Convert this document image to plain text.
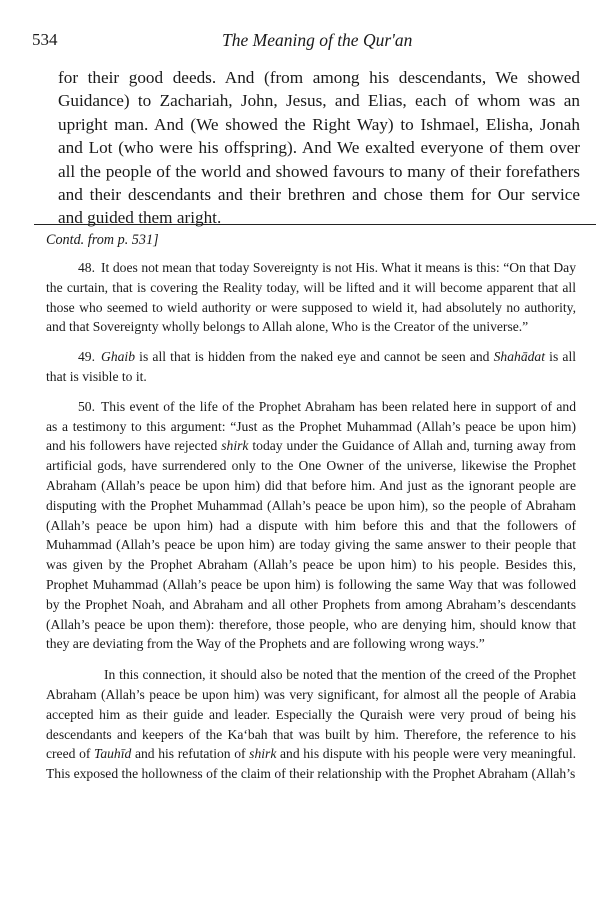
534	The Meaning of the Qur'an
for their good deeds. And (from among his descendants, We showed Guidance) to Zachariah, John, Jesus, and Elias, each of whom was an upright man. And (We showed the Right Way) to Ishmael, Elisha, Jonah and Lot (who were his offspring). And We exalted everyone of them over all the people of the world and showed favours to many of their forefathers and their descendants and their brethren and chose them for Our service and guided them aright.
Contd. from p. 531]

48. It does not mean that today Sovereignty is not His. What it means is this: “On that Day the curtain, that is covering the Reality today, will be lifted and it will become apparent that all those who seemed to wield authority or were supposed to wield it, had absolutely no authority, and that Sovereignty wholly belongs to Allah alone, Who is the Creator of the universe.”

49. Ghaib is all that is hidden from the naked eye and cannot be seen and Shahādat is all that is visible to it.

50. This event of the life of the Prophet Abraham has been related here in support of and as a testimony to this argument: “Just as the Prophet Muhammad (Allah’s peace be upon him) and his followers have rejected shirk today under the Guidance of Allah and, turning away from artificial gods, have surrendered only to the One Owner of the universe, likewise the Prophet Abraham (Allah’s peace be upon him) did that before him. And just as the ignorant people are disputing with the Prophet Muhammad (Allah’s peace be upon him), so the people of Abraham (Allah’s peace be upon him) had a dispute with him before this and that the followers of Muhammad (Allah’s peace be upon him) are today giving the same answer to their people that was given by the Prophet Abraham (Allah’s peace be upon him) to his people. Besides this, Prophet Muhammad (Allah’s peace be upon him) is following the same Way that was followed by the Prophet Noah, and Abraham and all other Prophets from among Abraham’s descendants (Allah’s peace be upon them): therefore, those people, who are denying him, should know that they are deviating from the Way of the Prophets and are following wrong ways.”

In this connection, it should also be noted that the mention of the creed of the Prophet Abraham (Allah’s peace be upon him) was very significant, for almost all the people of Arabia accepted him as their guide and leader. Especially the Quraish were very proud of being his descendants and keepers of the Ka‘bah that was built by him. Therefore, the reference to his creed of Tauhīd and his refutation of shirk and his dispute with his people were very meaningful. This exposed the hollowness of the claim of their relationship with the Prophet Abraham (Allah’s
